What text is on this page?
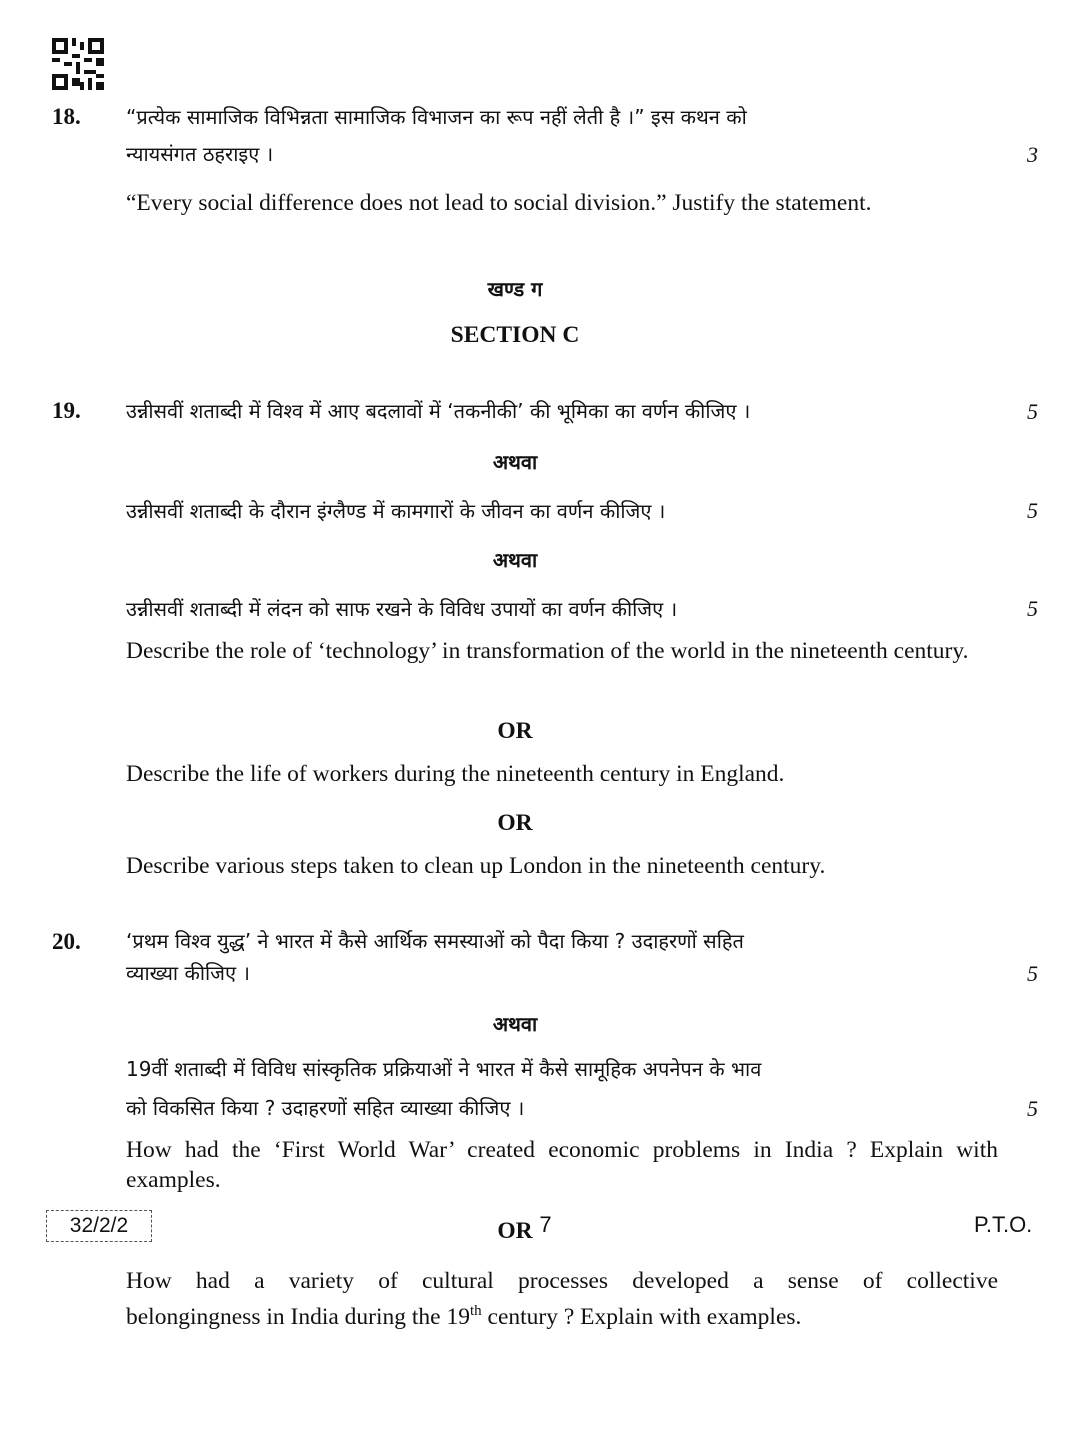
18. “प्रत्येक सामाजिक विभिन्नता सामाजिक विभाजन का रूप नहीं लेती है ।” इस कथन को
न्यायसंगत ठहराइए ।	3
“Every social difference does not lead to social division.” Justify the statement.
खण्ड ग
SECTION C
19. उन्नीसवीं शताब्दी में विश्व में आए बदलावों में ‘तकनीकी’ की भूमिका का वर्णन कीजिए ।	5
अथवा
उन्नीसवीं शताब्दी के दौरान इंग्लैण्ड में कामगारों के जीवन का वर्णन कीजिए ।	5
अथवा
उन्नीसवीं शताब्दी में लंदन को साफ रखने के विविध उपायों का वर्णन कीजिए ।	5
Describe the role of ‘technology’ in transformation of the world in the nineteenth century.
OR
Describe the life of workers during the nineteenth century in England.
OR
Describe various steps taken to clean up London in the nineteenth century.
20. ‘प्रथम विश्व युद्ध’ ने भारत में कैसे आर्थिक समस्याओं को पैदा किया ? उदाहरणों सहित
व्याख्या कीजिए ।	5
अथवा
19वीं शताब्दी में विविध सांस्कृतिक प्रक्रियाओं ने भारत में कैसे सामूहिक अपनेपन के भाव
को विकसित किया ? उदाहरणों सहित व्याख्या कीजिए ।	5
How had the ‘First World War’ created economic problems in India ? Explain with examples.
OR
How had a variety of cultural processes developed a sense of collective
belongingness in India during the 19th century ? Explain with examples.
32/2/2	7	P.T.O.
